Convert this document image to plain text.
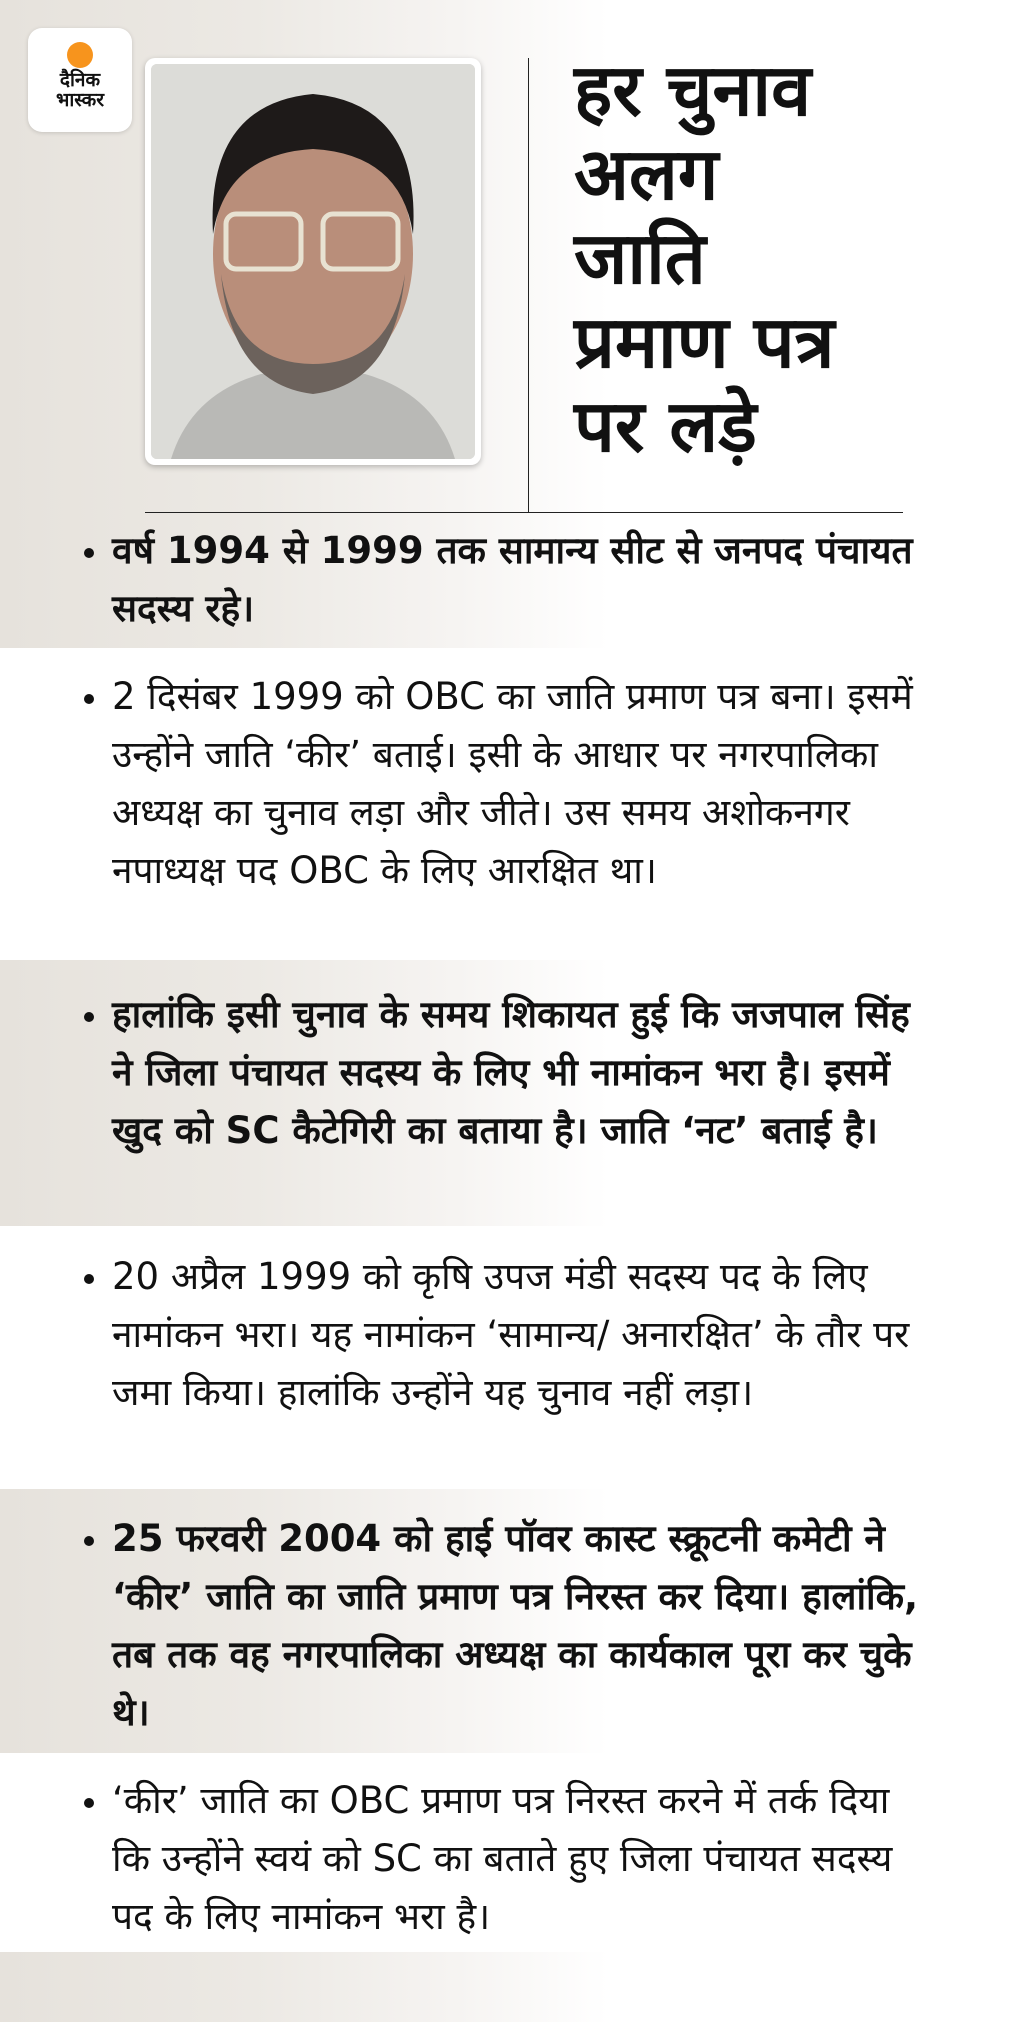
दैनिक
भास्कर	हर चुनाव
अलग
जाति
प्रमाण पत्र
पर लड़े
वर्ष 1994 से 1999 तक सामान्य सीट से जनपद पंचायत सदस्य रहे।
2 दिसंबर 1999 को OBC का जाति प्रमाण पत्र बना। इसमें उन्होंने जाति ‘कीर’ बताई। इसी के आधार पर नगरपालिका अध्यक्ष का चुनाव लड़ा और जीते। उस समय अशोकनगर नपाध्यक्ष पद OBC के लिए आरक्षित था।
हालांकि इसी चुनाव के समय शिकायत हुई कि जजपाल सिंह ने जिला पंचायत सदस्य के लिए भी नामांकन भरा है। इसमें खुद को SC कैटेगिरी का बताया है। जाति ‘नट’ बताई है।
20 अप्रैल 1999 को कृषि उपज मंडी सदस्य पद के लिए नामांकन भरा। यह नामांकन ‘सामान्य/ अनारक्षित’ के तौर पर जमा किया। हालांकि उन्होंने यह चुनाव नहीं लड़ा।
25 फरवरी 2004 को हाई पॉवर कास्ट स्क्रूटनी कमेटी ने ‘कीर’ जाति का जाति प्रमाण पत्र निरस्त कर दिया। हालांकि, तब तक वह नगरपालिका अध्यक्ष का कार्यकाल पूरा कर चुके थे।
‘कीर’ जाति का OBC प्रमाण पत्र निरस्त करने में तर्क दिया कि उन्होंने स्वयं को SC का बताते हुए जिला पंचायत सदस्य पद के लिए नामांकन भरा है।
